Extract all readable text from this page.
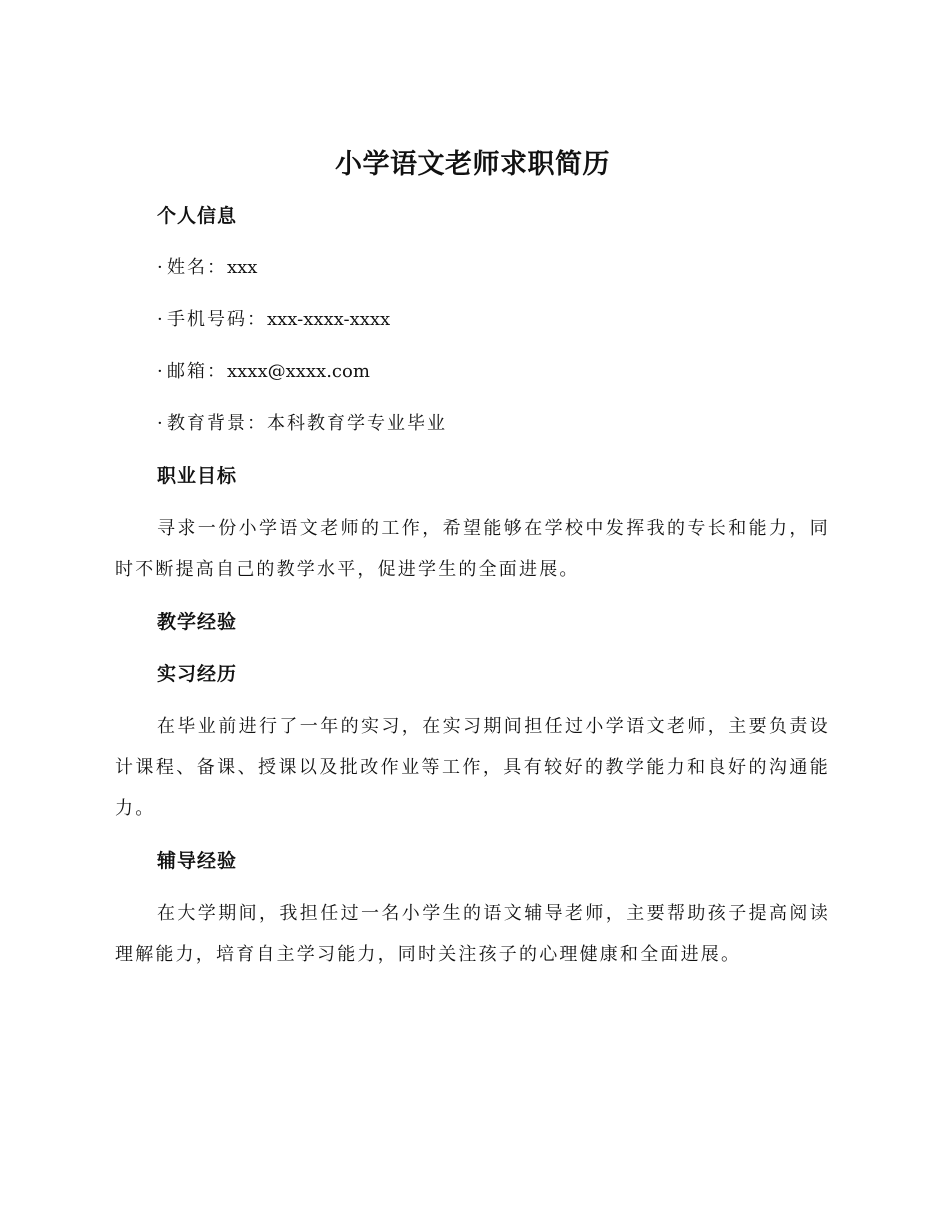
小学语文老师求职简历
个人信息
· 姓名：xxx
· 手机号码：xxx-xxxx-xxxx
· 邮箱：xxxx@xxxx.com
· 教育背景：本科教育学专业毕业
职业目标

寻求一份小学语文老师的工作，希望能够在学校中发挥我的专长和能力，同时不断提高自己的教学水平，促进学生的全面进展。

教学经验
实习经历

在毕业前进行了一年的实习，在实习期间担任过小学语文老师，主要负责设计课程、备课、授课以及批改作业等工作，具有较好的教学能力和良好的沟通能力。

辅导经验

在大学期间，我担任过一名小学生的语文辅导老师，主要帮助孩子提高阅读理解能力，培育自主学习能力，同时关注孩子的心理健康和全面进展。
